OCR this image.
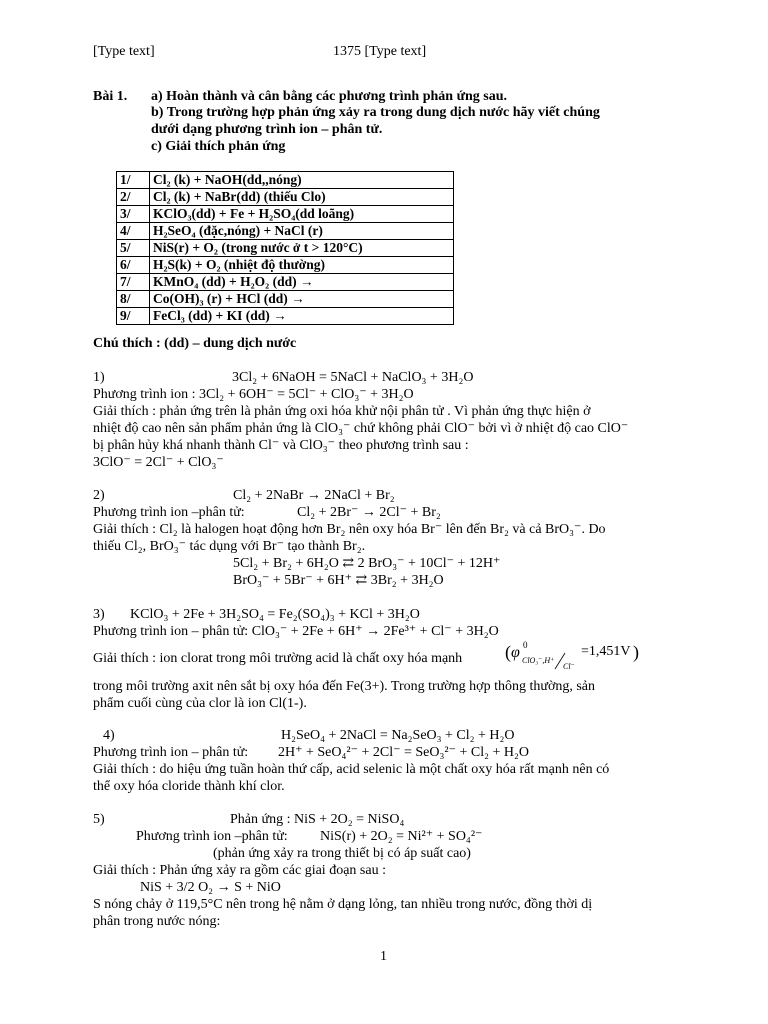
[Type text]	1375 [Type text]
Bài 1. a) Hoàn thành và cân bằng các phương trình phản ứng sau.
b) Trong trường hợp phản ứng xảy ra trong dung dịch nước hãy viết chúng
dưới dạng phương trình ion – phân tử.
c) Giải thích phản ứng
1/	Cl₂ (k) + NaOH(dd,,nóng)
2/	Cl₂ (k) + NaBr(dd) (thiếu Clo)
3/	KClO₃(dd) + Fe + H₂SO₄(dd loãng)
4/	H₂SeO₄ (đặc,nóng) + NaCl (r)
5/	NiS(r) + O₂ (trong nước ở t > 120°C)
6/	H₂S(k) + O₂ (nhiệt độ thường)
7/	KMnO₄ (dd) + H₂O₂ (dd) →
8/	Co(OH)₃ (r) + HCl (dd) →
9/	FeCl₃ (dd) + KI (dd) →
Chú thích : (dd) – dung dịch nước
1)	3Cl₂ + 6NaOH = 5NaCl + NaClO₃ + 3H₂O
Phương trình ion : 3Cl₂ + 6OH⁻ = 5Cl⁻ + ClO₃⁻ + 3H₂O
Giải thích : phản ứng trên là phản ứng oxi hóa khử nội phân tử . Vì phản ứng thực hiện ở
nhiệt độ cao nên sản phẩm phản ứng là ClO₃⁻ chứ không phải ClO⁻ bởi vì ở nhiệt độ cao ClO⁻
bị phân hủy khá nhanh thành Cl⁻ và ClO₃⁻ theo phương trình sau :
3ClO⁻ = 2Cl⁻ + ClO₃⁻
2)	Cl₂ + 2NaBr → 2NaCl + Br₂
Phương trình ion –phân tử:	Cl₂ + 2Br⁻ → 2Cl⁻ + Br₂
Giải thích : Cl₂ là halogen hoạt động hơn Br₂ nên oxy hóa Br⁻ lên đến Br₂ và cả BrO₃⁻. Do
thiếu Cl₂, BrO₃⁻ tác dụng với Br⁻ tạo thành Br₂.
5Cl₂ + Br₂ + 6H₂O ⇄ 2 BrO₃⁻ + 10Cl⁻ + 12H⁺
BrO₃⁻ + 5Br⁻ + 6H⁺ ⇄ 3Br₂ + 3H₂O
3) KClO₃ + 2Fe + 3H₂SO₄ = Fe₂(SO₄)₃ + KCl + 3H₂O
Phương trình ion – phân tử: ClO₃⁻ + 2Fe + 6H⁺ → 2Fe³⁺ + Cl⁻ + 3H₂O
Giải thích : ion clorat trong môi trường acid là chất oxy hóa mạnh ( φ 0
ClO₃⁻,H⁺
Cl⁻
=1,451V )
trong môi trường axit nên sắt bị oxy hóa đến Fe(3+). Trong trường hợp thông thường, sản
phẩm cuối cùng của clor là ion Cl(1-).
4)	H₂SeO₄ + 2NaCl = Na₂SeO₃ + Cl₂ + H₂O
Phương trình ion – phân tử: 2H⁺ + SeO₄²⁻ + 2Cl⁻ = SeO₃²⁻ + Cl₂ + H₂O
Giải thích : do hiệu ứng tuần hoàn thứ cấp, acid selenic là một chất oxy hóa rất mạnh nên có
thể oxy hóa cloride thành khí clor.
5)	Phản ứng : NiS + 2O₂ = NiSO₄
Phương trình ion –phân tử: NiS(r) + 2O₂ = Ni²⁺ + SO₄²⁻
(phản ứng xảy ra trong thiết bị có áp suất cao)
Giải thích : Phản ứng xảy ra gồm các giai đoạn sau :
NiS + 3/2 O₂ → S + NiO
S nóng chảy ở 119,5°C nên trong hệ nằm ở dạng lỏng, tan nhiều trong nước, đồng thời dị
phân trong nước nóng:
1
